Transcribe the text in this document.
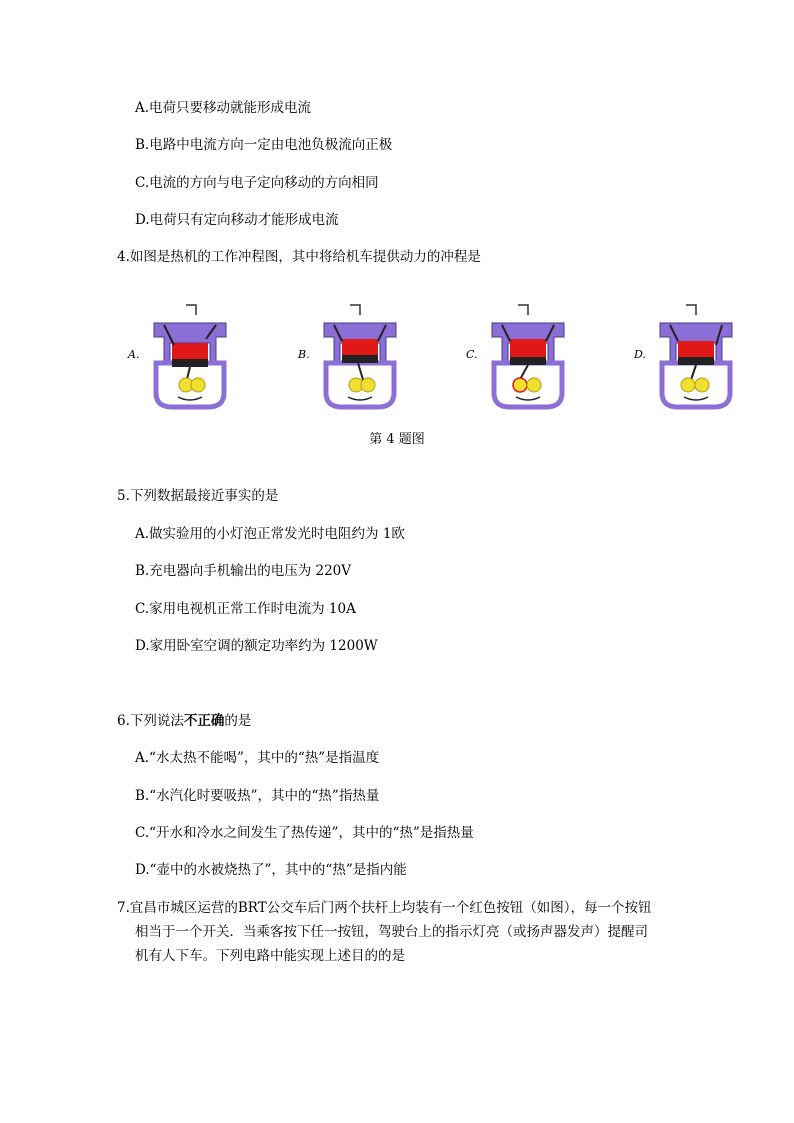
A.电荷只要移动就能形成电流
B.电路中电流方向一定由电池负极流向正极
C.电流的方向与电子定向移动的方向相同
D.电荷只有定向移动才能形成电流
4.如图是热机的工作冲程图，其中将给机车提供动力的冲程是
A.	B.	C.	D.
第 4 题图
5.下列数据最接近事实的是
A.做实验用的小灯泡正常发光时电阻约为 1欧
B.充电器向手机输出的电压为 220V
C.家用电视机正常工作时电流为 10A
D.家用卧室空调的额定功率约为 1200W
6.下列说法不正确的是
A.“水太热不能喝”，其中的“热”是指温度
B.“水汽化时要吸热”，其中的“热”指热量
C.“开水和冷水之间发生了热传递”，其中的“热”是指热量
D.“壶中的水被烧热了”，其中的“热”是指内能
7.宜昌市城区运营的BRT公交车后门两个扶杆上均装有一个红色按钮（如图），每一个按钮
相当于一个开关．当乘客按下任一按钮，驾驶台上的指示灯亮（或扬声器发声）提醒司
机有人下车。下列电路中能实现上述目的的是
